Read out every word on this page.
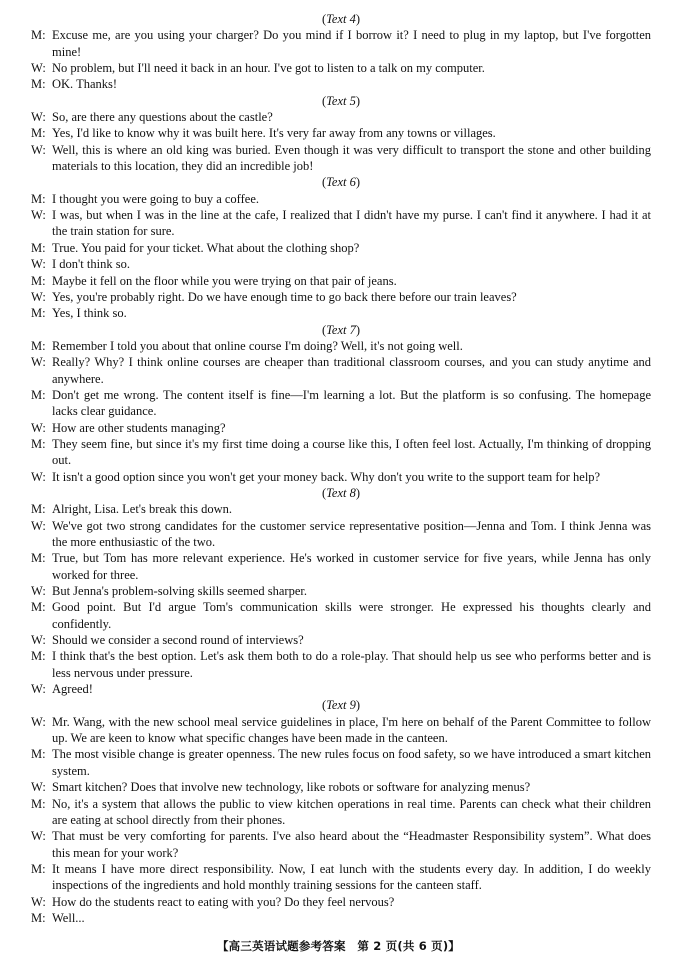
(Text 4)
M: Excuse me, are you using your charger? Do you mind if I borrow it? I need to plug in my laptop, but I've forgotten mine!
W: No problem, but I'll need it back in an hour. I've got to listen to a talk on my computer.
M: OK. Thanks!
(Text 5)
W: So, are there any questions about the castle?
M: Yes, I'd like to know why it was built here. It's very far away from any towns or villages.
W: Well, this is where an old king was buried. Even though it was very difficult to transport the stone and other building materials to this location, they did an incredible job!
(Text 6)
M: I thought you were going to buy a coffee.
W: I was, but when I was in the line at the cafe, I realized that I didn't have my purse. I can't find it anywhere. I had it at the train station for sure.
M: True. You paid for your ticket. What about the clothing shop?
W: I don't think so.
M: Maybe it fell on the floor while you were trying on that pair of jeans.
W: Yes, you're probably right. Do we have enough time to go back there before our train leaves?
M: Yes, I think so.
(Text 7)
M: Remember I told you about that online course I'm doing? Well, it's not going well.
W: Really? Why? I think online courses are cheaper than traditional classroom courses, and you can study anytime and anywhere.
M: Don't get me wrong. The content itself is fine—I'm learning a lot. But the platform is so confusing. The homepage lacks clear guidance.
W: How are other students managing?
M: They seem fine, but since it's my first time doing a course like this, I often feel lost. Actually, I'm thinking of dropping out.
W: It isn't a good option since you won't get your money back. Why don't you write to the support team for help?
(Text 8)
M: Alright, Lisa. Let's break this down.
W: We've got two strong candidates for the customer service representative position—Jenna and Tom. I think Jenna was the more enthusiastic of the two.
M: True, but Tom has more relevant experience. He's worked in customer service for five years, while Jenna has only worked for three.
W: But Jenna's problem-solving skills seemed sharper.
M: Good point. But I'd argue Tom's communication skills were stronger. He expressed his thoughts clearly and confidently.
W: Should we consider a second round of interviews?
M: I think that's the best option. Let's ask them both to do a role-play. That should help us see who performs better and is less nervous under pressure.
W: Agreed!
(Text 9)
W: Mr. Wang, with the new school meal service guidelines in place, I'm here on behalf of the Parent Committee to follow up. We are keen to know what specific changes have been made in the canteen.
M: The most visible change is greater openness. The new rules focus on food safety, so we have introduced a smart kitchen system.
W: Smart kitchen? Does that involve new technology, like robots or software for analyzing menus?
M: No, it's a system that allows the public to view kitchen operations in real time. Parents can check what their children are eating at school directly from their phones.
W: That must be very comforting for parents. I've also heard about the “Headmaster Responsibility system”. What does this mean for your work?
M: It means I have more direct responsibility. Now, I eat lunch with the students every day. In addition, I do weekly inspections of the ingredients and hold monthly training sessions for the canteen staff.
W: How do the students react to eating with you? Do they feel nervous?
M: Well...
【高三英语试题参考答案　第 2 页(共 6 页)】
